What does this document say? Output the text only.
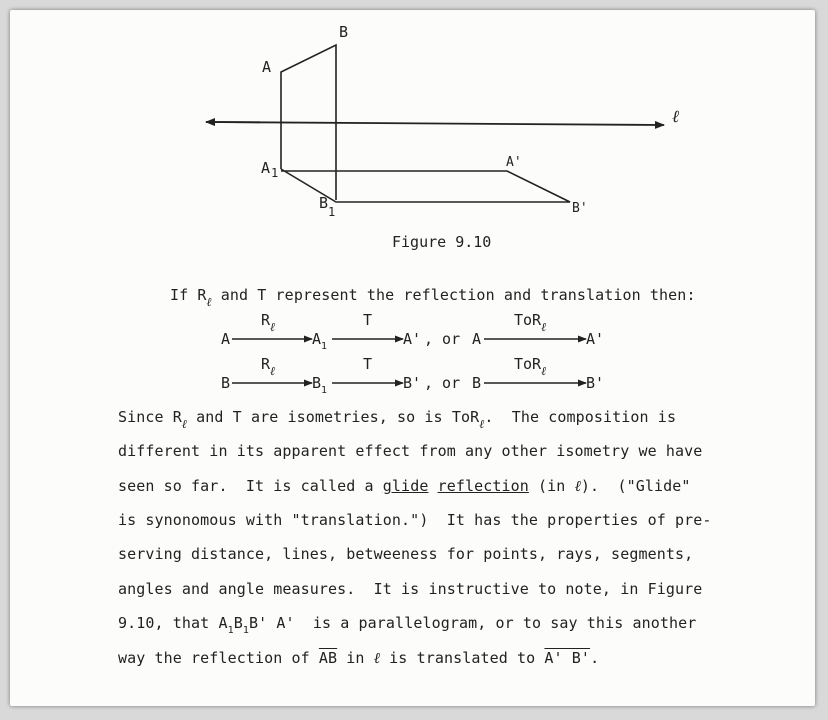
A
B
A 1
B 1
A'
B'
ℓ
Figure 9.10
If $R_\ell$ and T represent the reflection and translation then:
A
$R_\ell$
$A_1$
T
A' , or A
ToR$_\ell$
A'
B
$R_\ell$
$B_1$
T
B' , or B
ToR$_\ell$
B'
Since $R_\ell$ and T are isometries, so is ToR$_\ell$.  The composition is
different in its apparent effect from any other isometry we have
seen so far.  It is called a glide reflection (in ℓ).  ("Glide"
is synonomous with "translation.")  It has the properties of pre-
serving distance, lines, betweeness for points, rays, segments,
angles and angle measures.  It is instructive to note, in Figure
9.10, that $A_1B_1B'$ A'  is a parallelogram, or to say this another
way the reflection of $\overline{AB}$ in ℓ is translated to A' B'.
